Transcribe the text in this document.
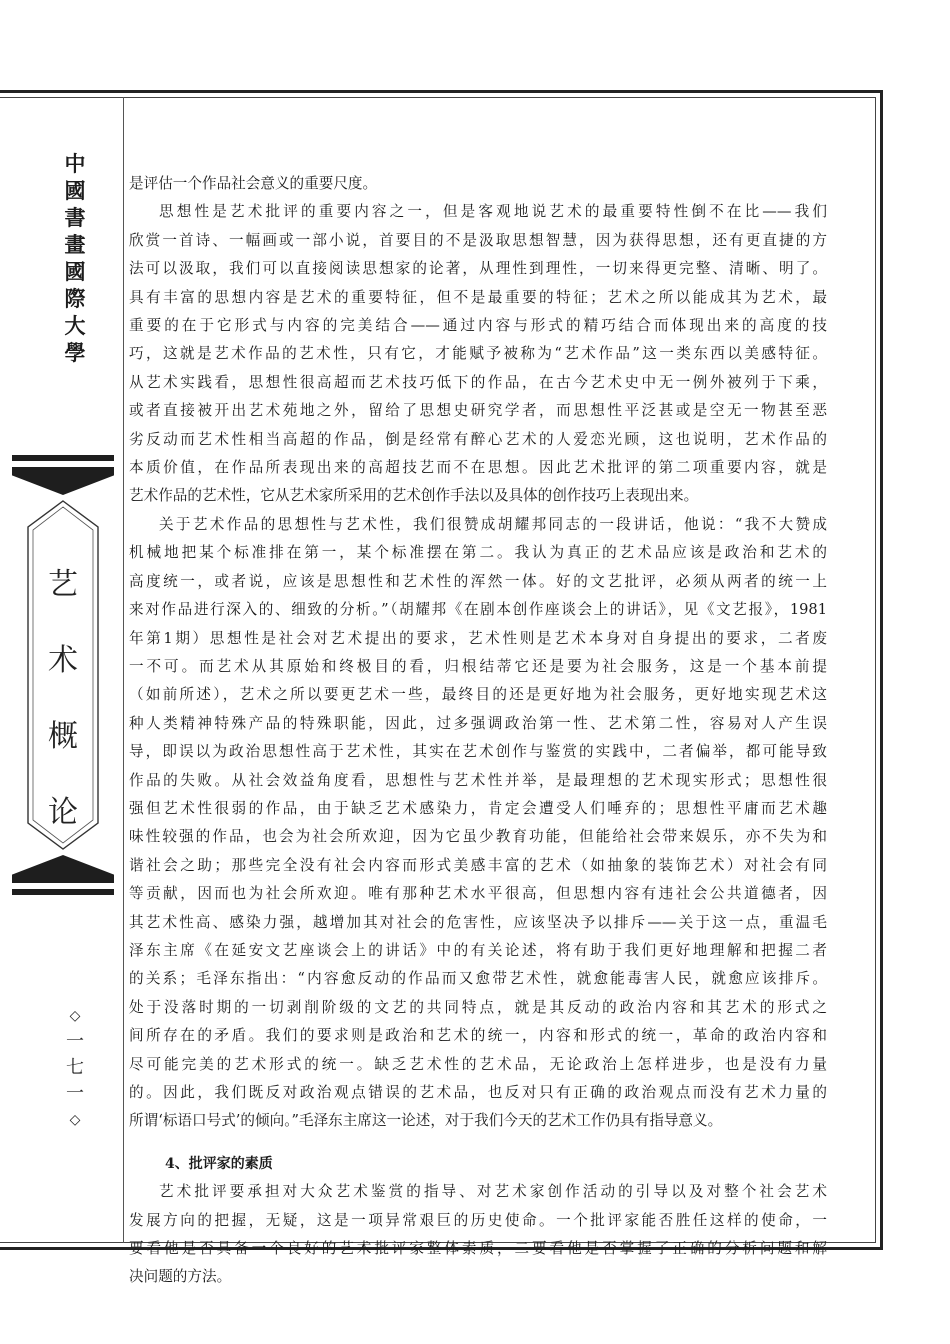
中
國
書
畫
國
際
大
學
艺
术
概
论
◇
一
七
一
◇
是评估一个作品社会意义的重要尺度。
思想性是艺术批评的重要内容之一，但是客观地说艺术的最重要特性倒不在比——我们
欣赏一首诗、一幅画或一部小说，首要目的不是汲取思想智慧，因为获得思想，还有更直捷的方
法可以汲取，我们可以直接阅读思想家的论著，从理性到理性，一切来得更完整、清晰、明了。
具有丰富的思想内容是艺术的重要特征，但不是最重要的特征；艺术之所以能成其为艺术，最
重要的在于它形式与内容的完美结合——通过内容与形式的精巧结合而体现出来的高度的技
巧，这就是艺术作品的艺术性，只有它，才能赋予被称为“艺术作品”这一类东西以美感特征。
从艺术实践看，思想性很高超而艺术技巧低下的作品，在古今艺术史中无一例外被列于下乘，
或者直接被开出艺术苑地之外，留给了思想史研究学者，而思想性平泛甚或是空无一物甚至恶
劣反动而艺术性相当高超的作品，倒是经常有醉心艺术的人爱恋光顾，这也说明，艺术作品的
本质价值，在作品所表现出来的高超技艺而不在思想。因此艺术批评的第二项重要内容，就是
艺术作品的艺术性，它从艺术家所采用的艺术创作手法以及具体的创作技巧上表现出来。
关于艺术作品的思想性与艺术性，我们很赞成胡耀邦同志的一段讲话，他说：“我不大赞成
机械地把某个标准排在第一，某个标准摆在第二。我认为真正的艺术品应该是政治和艺术的
高度统一，或者说，应该是思想性和艺术性的浑然一体。好的文艺批评，必须从两者的统一上
来对作品进行深入的、细致的分析。”（胡耀邦《在剧本创作座谈会上的讲话》，见《文艺报》，1981
年第1期）思想性是社会对艺术提出的要求，艺术性则是艺术本身对自身提出的要求，二者废
一不可。而艺术从其原始和终极目的看，归根结蒂它还是要为社会服务，这是一个基本前提
（如前所述），艺术之所以要更艺术一些，最终目的还是更好地为社会服务，更好地实现艺术这
种人类精神特殊产品的特殊职能，因此，过多强调政治第一性、艺术第二性，容易对人产生误
导，即误以为政治思想性高于艺术性，其实在艺术创作与鉴赏的实践中，二者偏举，都可能导致
作品的失败。从社会效益角度看，思想性与艺术性并举，是最理想的艺术现实形式；思想性很
强但艺术性很弱的作品，由于缺乏艺术感染力，肯定会遭受人们唾弃的；思想性平庸而艺术趣
味性较强的作品，也会为社会所欢迎，因为它虽少教育功能，但能给社会带来娱乐，亦不失为和
谐社会之助；那些完全没有社会内容而形式美感丰富的艺术（如抽象的装饰艺术）对社会有同
等贡献，因而也为社会所欢迎。唯有那种艺术水平很高，但思想内容有违社会公共道德者，因
其艺术性高、感染力强，越增加其对社会的危害性，应该坚决予以排斥——关于这一点，重温毛
泽东主席《在延安文艺座谈会上的讲话》中的有关论述，将有助于我们更好地理解和把握二者
的关系；毛泽东指出：“内容愈反动的作品而又愈带艺术性，就愈能毒害人民，就愈应该排斥。
处于没落时期的一切剥削阶级的文艺的共同特点，就是其反动的政治内容和其艺术的形式之
间所存在的矛盾。我们的要求则是政治和艺术的统一，内容和形式的统一，革命的政治内容和
尽可能完美的艺术形式的统一。缺乏艺术性的艺术品，无论政治上怎样进步，也是没有力量
的。因此，我们既反对政治观点错误的艺术品，也反对只有正确的政治观点而没有艺术力量的
所谓‘标语口号式’的倾向。”毛泽东主席这一论述，对于我们今天的艺术工作仍具有指导意义。
4、批评家的素质
艺术批评要承担对大众艺术鉴赏的指导、对艺术家创作活动的引导以及对整个社会艺术
发展方向的把握，无疑，这是一项异常艰巨的历史使命。一个批评家能否胜任这样的使命，一
要看他是否具备一个良好的艺术批评家整体素质，二要看他是否掌握了正确的分析问题和解
决问题的方法。
